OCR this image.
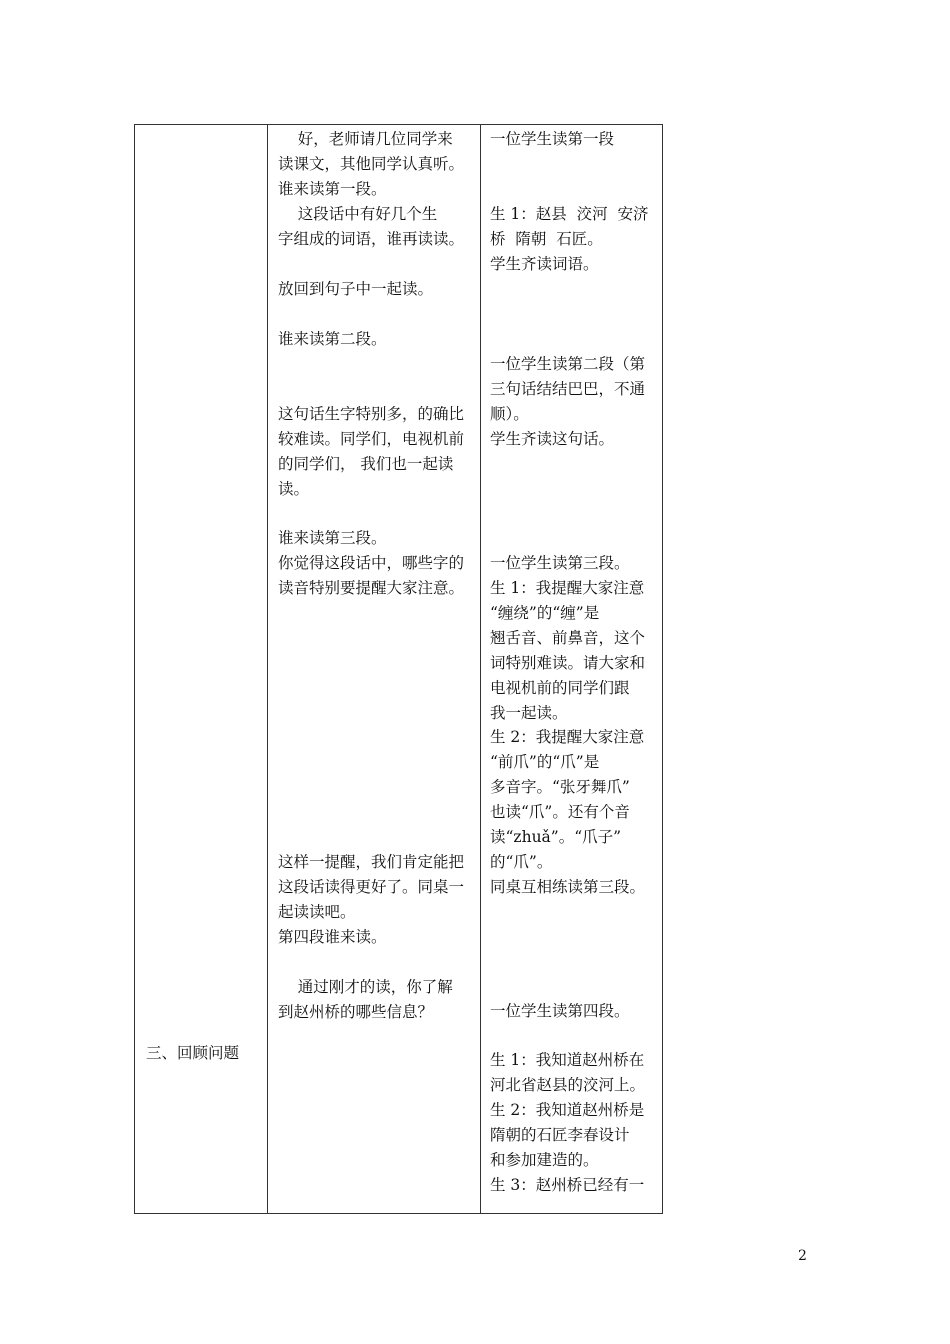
三、回顾问题
好，老师请几位同学来
读课文，其他同学认真听。
谁来读第一段。
这段话中有好几个生
字组成的词语，谁再读读。
放回到句子中一起读。
谁来读第二段。
这句话生字特别多，的确比
较难读。同学们，电视机前
的同学们， 我们也一起读
读。
谁来读第三段。
你觉得这段话中，哪些字的
读音特别要提醒大家注意。
这样一提醒，我们肯定能把
这段话读得更好了。同桌一
起读读吧。
第四段谁来读。
通过刚才的读，你了解
到赵州桥的哪些信息？
一位学生读第一段
生 1：赵县  洨河  安济
桥  隋朝  石匠。
学生齐读词语。
一位学生读第二段（第
三句话结结巴巴，不通
顺）。
学生齐读这句话。
一位学生读第三段。
生 1：我提醒大家注意
“缠绕”的“缠”是
翘舌音、前鼻音，这个
词特别难读。请大家和
电视机前的同学们跟
我一起读。
生 2：我提醒大家注意
“前爪”的“爪”是
多音字。“张牙舞爪”
也读“爪”。还有个音
读“zhuǎ”。“爪子”
的“爪”。
同桌互相练读第三段。
一位学生读第四段。
生 1：我知道赵州桥在
河北省赵县的洨河上。
生 2：我知道赵州桥是
隋朝的石匠李春设计
和参加建造的。
生 3：赵州桥已经有一
2
